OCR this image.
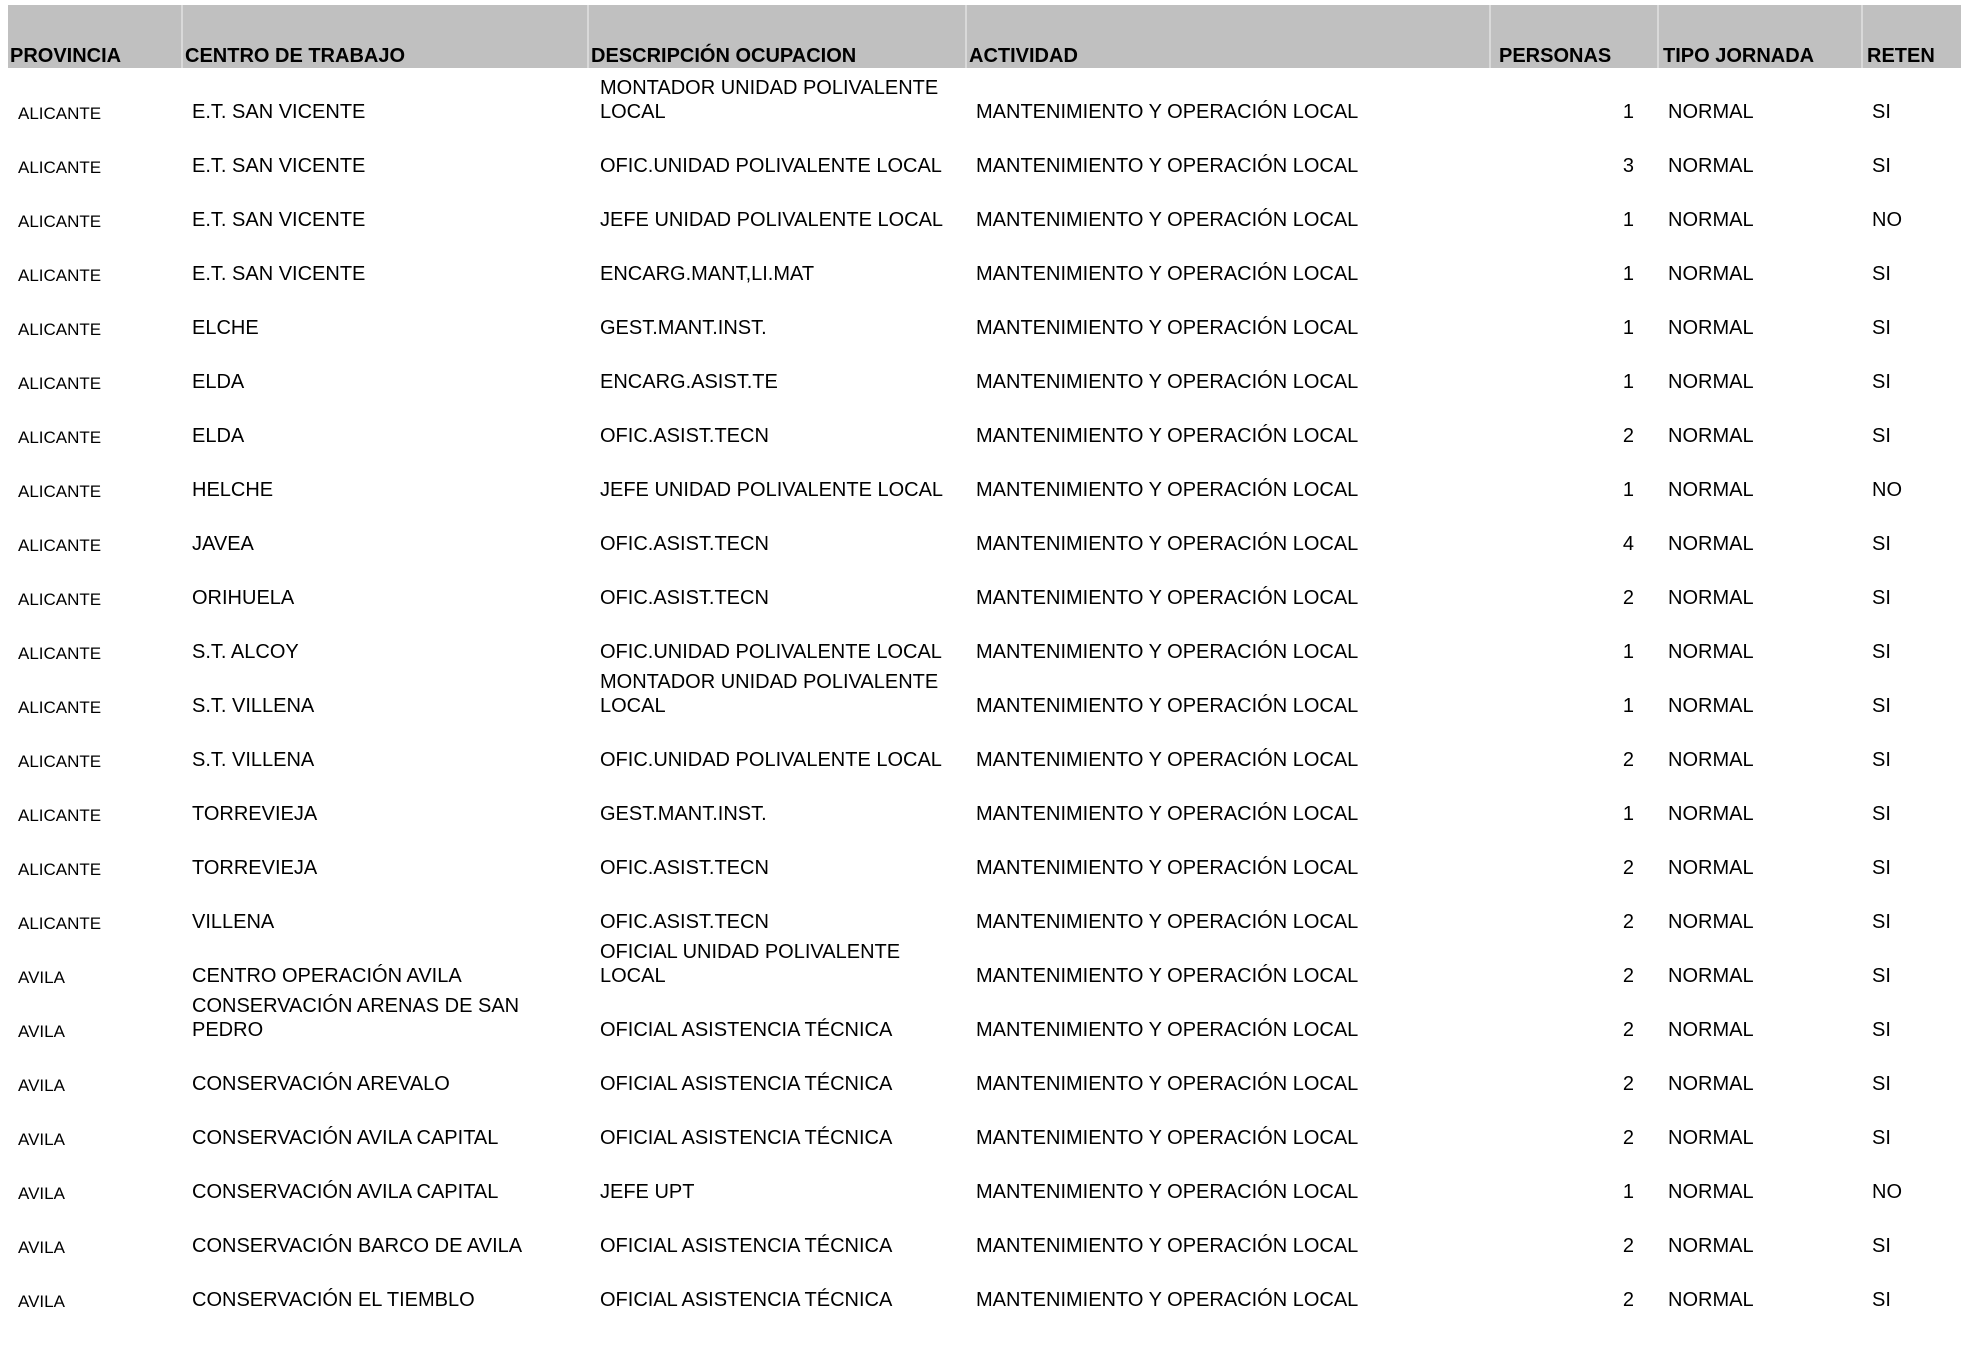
PROVINCIA	CENTRO DE TRABAJO	DESCRIPCIÓN OCUPACION	ACTIVIDAD	PERSONAS	TIPO JORNADA	RETEN
ALICANTE	E.T. SAN VICENTE	MONTADOR UNIDAD POLIVALENTE LOCAL	MANTENIMIENTO Y OPERACIÓN LOCAL	1	NORMAL	SI
ALICANTE	E.T. SAN VICENTE	OFIC.UNIDAD POLIVALENTE LOCAL	MANTENIMIENTO Y OPERACIÓN LOCAL	3	NORMAL	SI
ALICANTE	E.T. SAN VICENTE	JEFE UNIDAD POLIVALENTE LOCAL	MANTENIMIENTO Y OPERACIÓN LOCAL	1	NORMAL	NO
ALICANTE	E.T. SAN VICENTE	ENCARG.MANT,LI.MAT	MANTENIMIENTO Y OPERACIÓN LOCAL	1	NORMAL	SI
ALICANTE	ELCHE	GEST.MANT.INST.	MANTENIMIENTO Y OPERACIÓN LOCAL	1	NORMAL	SI
ALICANTE	ELDA	ENCARG.ASIST.TE	MANTENIMIENTO Y OPERACIÓN LOCAL	1	NORMAL	SI
ALICANTE	ELDA	OFIC.ASIST.TECN	MANTENIMIENTO Y OPERACIÓN LOCAL	2	NORMAL	SI
ALICANTE	HELCHE	JEFE UNIDAD POLIVALENTE LOCAL	MANTENIMIENTO Y OPERACIÓN LOCAL	1	NORMAL	NO
ALICANTE	JAVEA	OFIC.ASIST.TECN	MANTENIMIENTO Y OPERACIÓN LOCAL	4	NORMAL	SI
ALICANTE	ORIHUELA	OFIC.ASIST.TECN	MANTENIMIENTO Y OPERACIÓN LOCAL	2	NORMAL	SI
ALICANTE	S.T. ALCOY	OFIC.UNIDAD POLIVALENTE LOCAL	MANTENIMIENTO Y OPERACIÓN LOCAL	1	NORMAL	SI
ALICANTE	S.T. VILLENA	MONTADOR UNIDAD POLIVALENTE LOCAL	MANTENIMIENTO Y OPERACIÓN LOCAL	1	NORMAL	SI
ALICANTE	S.T. VILLENA	OFIC.UNIDAD POLIVALENTE LOCAL	MANTENIMIENTO Y OPERACIÓN LOCAL	2	NORMAL	SI
ALICANTE	TORREVIEJA	GEST.MANT.INST.	MANTENIMIENTO Y OPERACIÓN LOCAL	1	NORMAL	SI
ALICANTE	TORREVIEJA	OFIC.ASIST.TECN	MANTENIMIENTO Y OPERACIÓN LOCAL	2	NORMAL	SI
ALICANTE	VILLENA	OFIC.ASIST.TECN	MANTENIMIENTO Y OPERACIÓN LOCAL	2	NORMAL	SI
AVILA	CENTRO OPERACIÓN AVILA	OFICIAL UNIDAD POLIVALENTE LOCAL	MANTENIMIENTO Y OPERACIÓN LOCAL	2	NORMAL	SI
AVILA	CONSERVACIÓN ARENAS DE SAN PEDRO	OFICIAL ASISTENCIA TÉCNICA	MANTENIMIENTO Y OPERACIÓN LOCAL	2	NORMAL	SI
AVILA	CONSERVACIÓN AREVALO	OFICIAL ASISTENCIA TÉCNICA	MANTENIMIENTO Y OPERACIÓN LOCAL	2	NORMAL	SI
AVILA	CONSERVACIÓN AVILA CAPITAL	OFICIAL ASISTENCIA TÉCNICA	MANTENIMIENTO Y OPERACIÓN LOCAL	2	NORMAL	SI
AVILA	CONSERVACIÓN AVILA CAPITAL	JEFE UPT	MANTENIMIENTO Y OPERACIÓN LOCAL	1	NORMAL	NO
AVILA	CONSERVACIÓN BARCO DE AVILA	OFICIAL ASISTENCIA TÉCNICA	MANTENIMIENTO Y OPERACIÓN LOCAL	2	NORMAL	SI
AVILA	CONSERVACIÓN EL TIEMBLO	OFICIAL ASISTENCIA TÉCNICA	MANTENIMIENTO Y OPERACIÓN LOCAL	2	NORMAL	SI
